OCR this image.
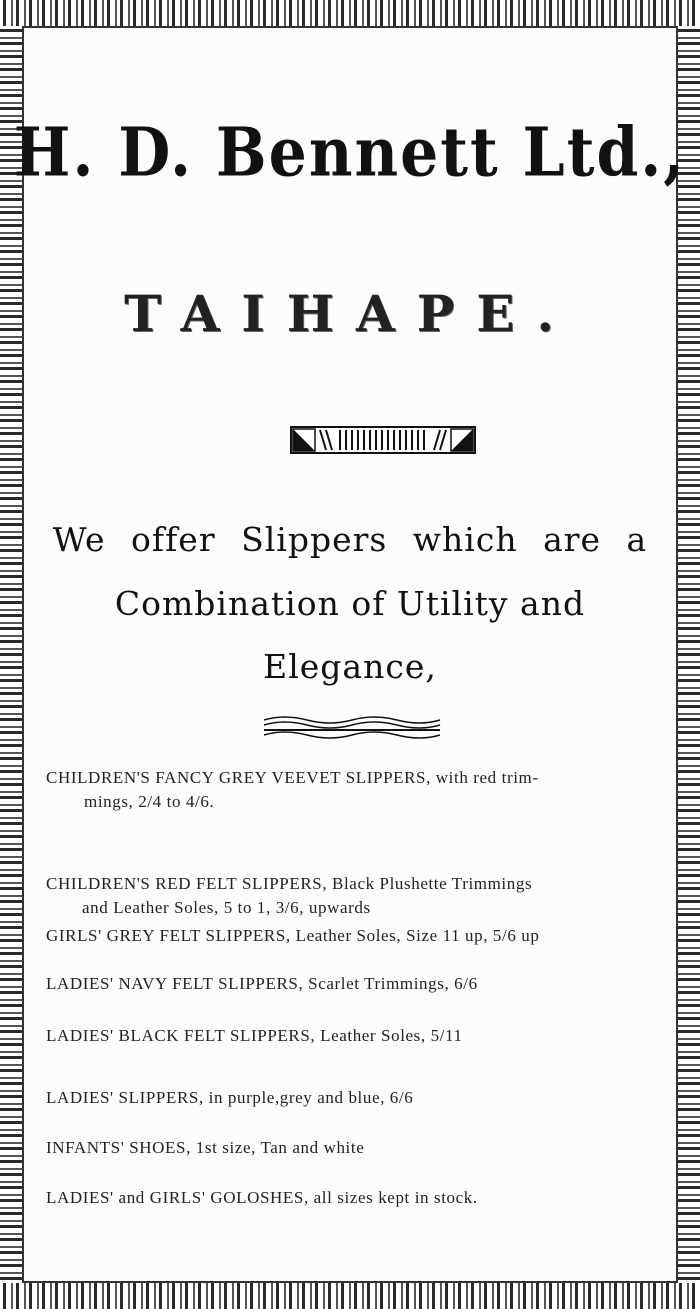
H. D. Bennett Ltd.,
TAIHAPE.
We offer Slippers which are a
Combination of Utility and
Elegance,

CHILDREN'S FANCY GREY VEEVET SLIPPERS, with red trim-
mings, 2/4 to 4/6.

CHILDREN'S RED FELT SLIPPERS, Black Plushette Trimmings
and Leather Soles, 5 to 1, 3/6, upwards

GIRLS' GREY FELT SLIPPERS, Leather Soles, Size 11 up, 5/6 up

LADIES' NAVY FELT SLIPPERS, Scarlet Trimmings, 6/6

LADIES' BLACK FELT SLIPPERS, Leather Soles, 5/11

LADIES' SLIPPERS, in purple,grey and blue, 6/6

INFANTS' SHOES, 1st size, Tan and white

LADIES' and GIRLS' GOLOSHES, all sizes kept in stock.
